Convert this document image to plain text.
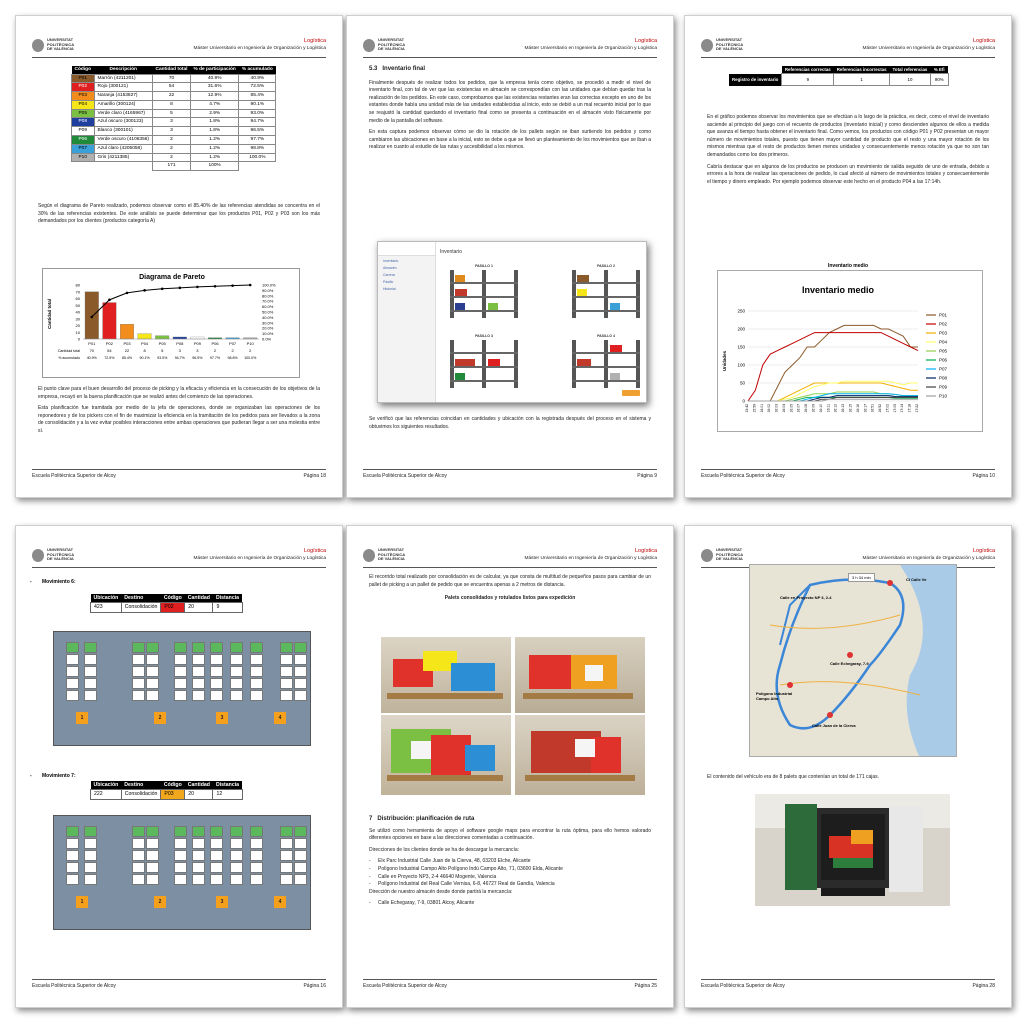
UNIVERSITAT
POLITÈCNICA
DE VALÈNCIA
Logística
Máster Universitario en Ingeniería de Organización y Logística
Código	Descripción	Cantidad total	% de participación	% acumulado
P01	Marrón (4211201)	70	40.9%	40.9%
P02	Rojo (300121)	54	31.6%	72.5%
P03	Naranja (4153827)	22	12.9%	85.4%
P04	Amarillo (300124)	8	4.7%	90.1%
P05	Verde claro (4165967)	5	2.9%	93.0%
P08	Azul oscuro (300123)	3	1.8%	94.7%
P09	Blanco (300101)	3	1.8%	96.5%
P06	Verde oscuro (4106356)	2	1.2%	97.7%
P07	Azul claro (4205058)	2	1.2%	98.8%
P10	Gris (4211385)	2	1.2%	100.0%
		171	100%	

Según el diagrama de Pareto realizado, podemos observar como el 85.40% de las referencias atendidas se concentra en el 30% de las referencias existentes. De este análisis se puede determinar que los productos P01, P02 y P03 son los más demandados por los clientes (productos categoría A)

Diagrama de Pareto
Cantidad total
0
10
20
30
40
50
60
70
80
0.0%
10.0%
20.0%
30.0%
40.0%
50.0%
60.0%
70.0%
80.0%
90.0%
100.0%
P01
70
40.9%
P02
54
72.5%
P03
22
85.4%
P04
8
90.1%
P05
5
93.0%
P08
3
94.7%
P09
3
96.5%
P06
2
97.7%
P07
2
98.8%
P10
2
100.0%
Cantidad total
% acumulado

El punto clave para el buen desarrollo del proceso de picking y la eficacia y eficiencia en la consecución de los objetivos de la empresa, recayó en la buena planificación que se realizó antes del comienzo de las operaciones.

Esta planificación fue tramitada por medio de la jefa de operaciones, donde se organizaban las operaciones de los reponedores y de los pickers con el fin de maximizar la eficiencia en la tramitación de los pedidos para ser llevados a la zona de consolidación y a la vez evitar posibles interacciones entre ambas operaciones que pudieran llegar a ser una molestia entre sí.

Escuela Politécnica Superior de Alcoy	Página 18
UNIVERSITAT
POLITÈCNICA
DE VALÈNCIA
Logística
Máster Universitario en Ingeniería de Organización y Logística

5.3 Inventario final

Finalmente después de realizar todos los pedidos, que la empresa tenía como objetivo, se procedió a medir el nivel de inventario final, con tal de ver que las existencias en almacén se correspondían con las unidades que debían quedar tras la realización de los pedidos. En este caso, comprobamos que las existencias restantes eran las correctas excepto en uno de los estantes donde había una unidad más de las unidades establecidas al inicio, esto se debió a un mal recuento inicial por lo que se reajustó la cantidad quedando el inventario final como se presenta a continuación en el almacén visto físicamente por medio de la pantalla del software.

En esta captura podemos observar cómo se dio la rotación de los pallets según se iban surtiendo los pedidos y como cambiaron las ubicaciones en base a la inicial, esto se debe a que se llevó un planteamiento de los movimientos que se iban a realizar en cuanto al estudio de las rutas y accesibilidad a los mismos.

Inventario
Almacén
Carrera
Pasillo
Historial
Inventario
PASILLO 1	PASILLO 2
PASILLO 3	PASILLO 4

Se verificó que las referencias coincidan en cantidades y ubicación con la registrada después del proceso en el sistema y obtuvimos los siguientes resultados.

Escuela Politécnica Superior de Alcoy	Página 9
UNIVERSITAT
POLITÈCNICA
DE VALÈNCIA
Logística
Máster Universitario en Ingeniería de Organización y Logística
	Referencias correctas	Referencias incorrectas	Total referencias	% Efi
Registro de inventario	9	1	10	90%

En el gráfico podemos observar los movimientos que se efectúan a lo largo de la práctica, es decir, como el nivel de inventario asciende al principio del juego con el recuento de productos (inventario inicial) y como descienden algunos de ellos a medida que avanza el tiempo hasta obtener el inventario final. Como vemos, los productos con código P01 y P02 presentan un mayor número de movimientos totales, puesto que tienen mayor cantidad de producto que el resto y una mayor rotación de los mismos mientras que el resto de productos tienen menos unidades y consecuentemente menos rotación ya que no son tan demandados como los dos primeros.

Cabría destacar que en algunos de los productos se producen un movimiento de salida seguido de uno de entrada, debido a errores a la hora de realizar las operaciones de pedido, lo cual afectó al número de movimientos totales y consecuentemente el tiempo y dinero empleado. Por ejemplo podemos observar este hecho en el producto P04 a las 17:14h.

Inventario medio
Inventario medio
Unidades
0
50
100
150
200
250
15:42 15:59 16:01 16:02 16:03 16:04 16:05 16:07 16:08 16:09 16:10 16:11 16:12 16:13 16:15 16:16 16:17 16:51 16:52 17:02 17:05 17:14 17:18 17:22
P01
P02
P03
P04
P05
P06
P07
P08
P09
P10
Escuela Politécnica Superior de Alcoy	Página 10
UNIVERSITAT
POLITÈCNICA
DE VALÈNCIA
Logística
Máster Universitario en Ingeniería de Organización y Logística
- Movimiento 6:
Ubicación	Destino	Código	Cantidad	Distancia
423	Consolidación	P02	20	9
1	2	3	4
- Movimiento 7:
Ubicación	Destino	Código	Cantidad	Distancia
222	Consolidación	P03	20	12
1	2	3	4
Escuela Politécnica Superior de Alcoy	Página 16
UNIVERSITAT
POLITÈCNICA
DE VALÈNCIA
Logística
Máster Universitario en Ingeniería de Organización y Logística

El recorrido total realizado por consolidación es de calcular, ya que consta de multitud de pequeños pasos para cambiar de un pallet de picking a un pallet de pedido que se encuentra apenas a 2 metros de distancia.

Palets consolidados y rotulados listos para expedición

7 Distribución: planificación de ruta

Se utilizó como herramienta de apoyo el software google maps para encontrar la ruta óptima, para ello hemos valorado diferentes opciones en base a las direcciones comentadas a continuación.

Direcciones de los clientes donde se ha de descargar la mercancía:

- Elx Parc Industrial Calle Juan de la Cierva, 48, 03203 Elche, Alicante
- Polígono Industrial Campo Alto Polígono Indú Campo Alto, 71, 03600 Elda, Alicante
- Calle en Proyecto NP3, 2-4 46640 Mogente, Valencia
- Polígono Industrial del Real Calle Vernisa, 6-8, 46727 Real de Gandía, Valencia

Dirección de nuestro almacén desde donde partirá la mercancía:

- Calle Echegaray, 7-9, 03801 Alcoy, Alicante
Escuela Politécnica Superior de Alcoy	Página 25
UNIVERSITAT
POLITÈCNICA
DE VALÈNCIA
Logística
Máster Universitario en Ingeniería de Organización y Logística
3 h 34 min
Calle en Proyecto NP 3, 2-4
Calle Echegaray, 7-9
Polígono Industrial Campo Alto
Calle Juan de la Cierva
CI Calle Ve

El contenido del vehículo era de 8 palets que contenían un total de 171 cajas.

Escuela Politécnica Superior de Alcoy	Página 28
